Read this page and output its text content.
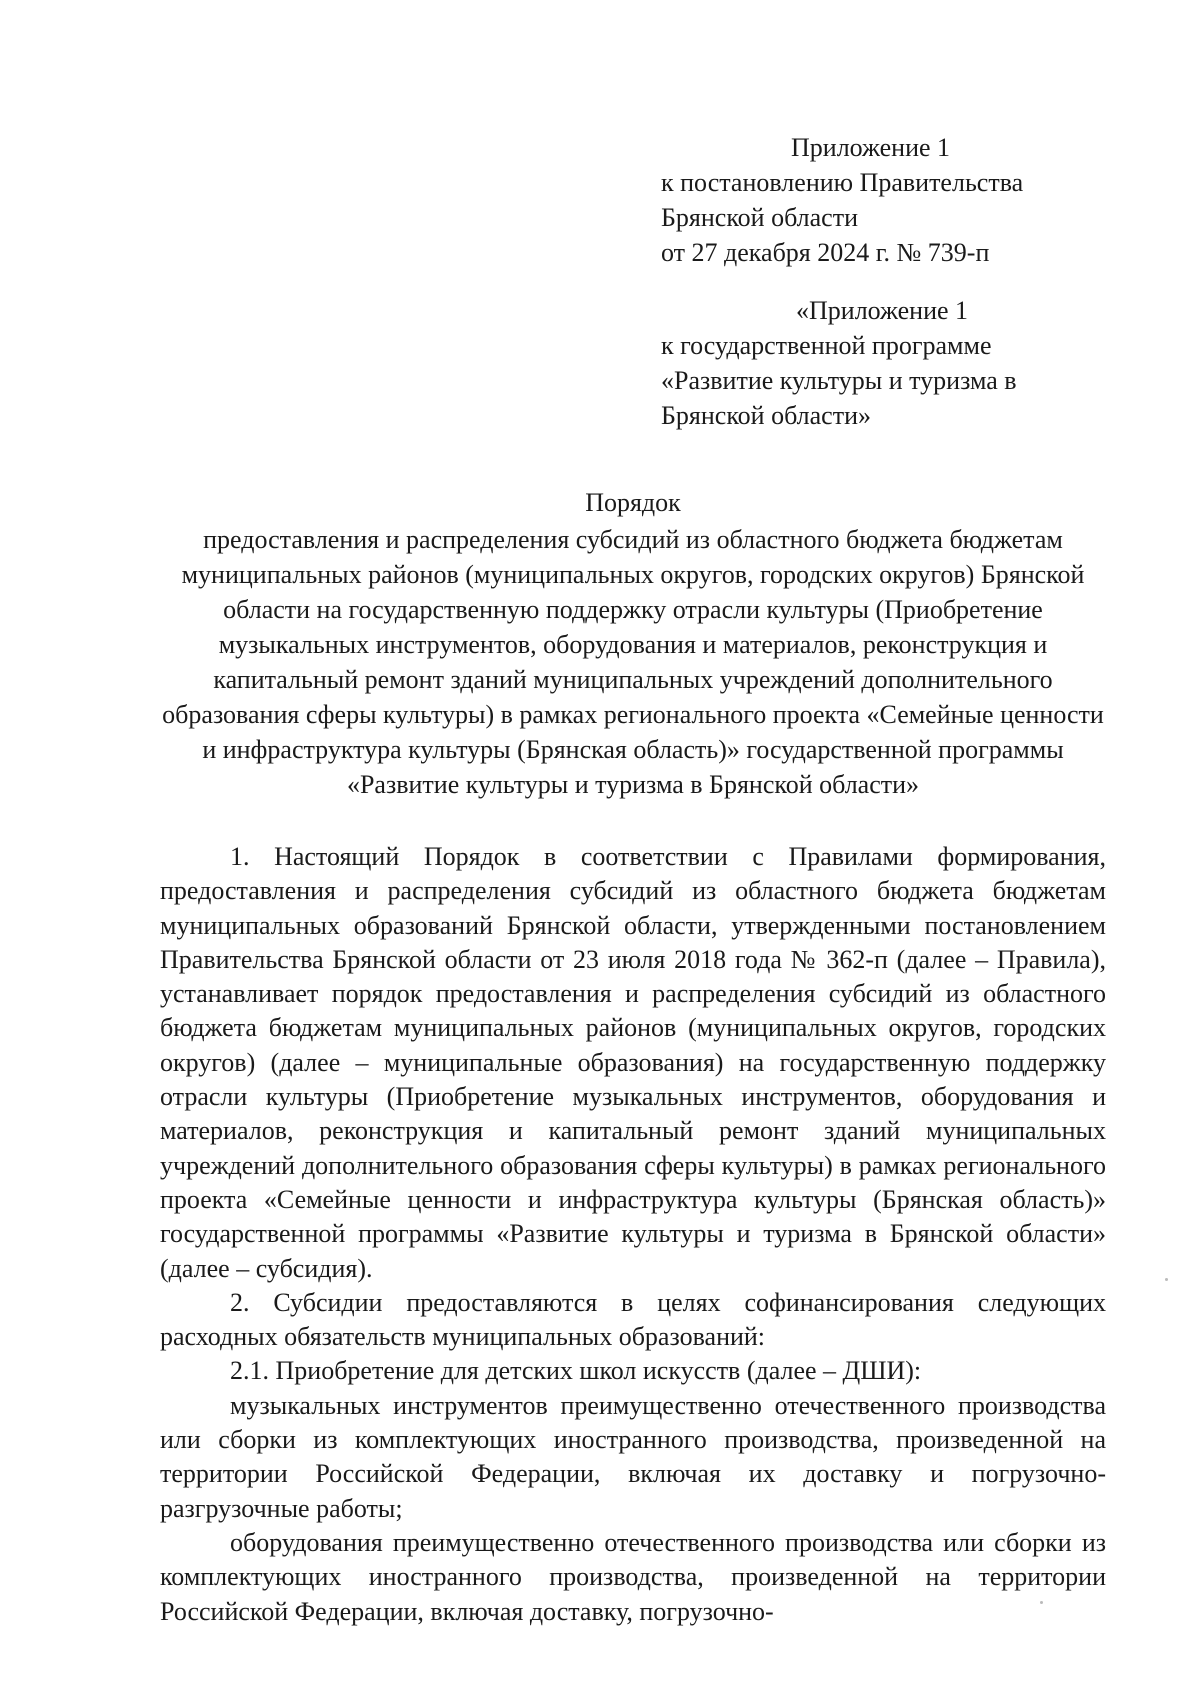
Приложение 1
к постановлению Правительства
Брянской области
от 27 декабря 2024 г. № 739-п
«Приложение 1
к государственной программе
«Развитие культуры и туризма в
Брянской области»
Порядок
предоставления и распределения субсидий из областного бюджета бюджетам муниципальных районов (муниципальных округов, городских округов) Брянской области на государственную поддержку отрасли культуры (Приобретение музыкальных инструментов, оборудования и материалов, реконструкция и капитальный ремонт зданий муниципальных учреждений дополнительного образования сферы культуры) в рамках регионального проекта «Семейные ценности и инфраструктура культуры (Брянская область)» государственной программы «Развитие культуры и туризма в Брянской области»

1. Настоящий Порядок в соответствии с Правилами формирования, предоставления и распределения субсидий из областного бюджета бюджетам муниципальных образований Брянской области, утвержденными постановлением Правительства Брянской области от 23 июля 2018 года № 362-п (далее – Правила), устанавливает порядок предоставления и распределения субсидий из областного бюджета бюджетам муниципальных районов (муниципальных округов, городских округов) (далее – муниципальные образования) на государственную поддержку отрасли культуры (Приобретение музыкальных инструментов, оборудования и материалов, реконструкция и капитальный ремонт зданий муниципальных учреждений дополнительного образования сферы культуры) в рамках регионального проекта «Семейные ценности и инфраструктура культуры (Брянская область)» государственной программы «Развитие культуры и туризма в Брянской области» (далее – субсидия).

2. Субсидии предоставляются в целях софинансирования следующих расходных обязательств муниципальных образований:

2.1. Приобретение для детских школ искусств (далее – ДШИ):

музыкальных инструментов преимущественно отечественного производства или сборки из комплектующих иностранного производства, произведенной на территории Российской Федерации, включая их доставку и погрузочно-разгрузочные работы;

оборудования преимущественно отечественного производства или сборки из комплектующих иностранного производства, произведенной на территории Российской Федерации, включая доставку, погрузочно-
